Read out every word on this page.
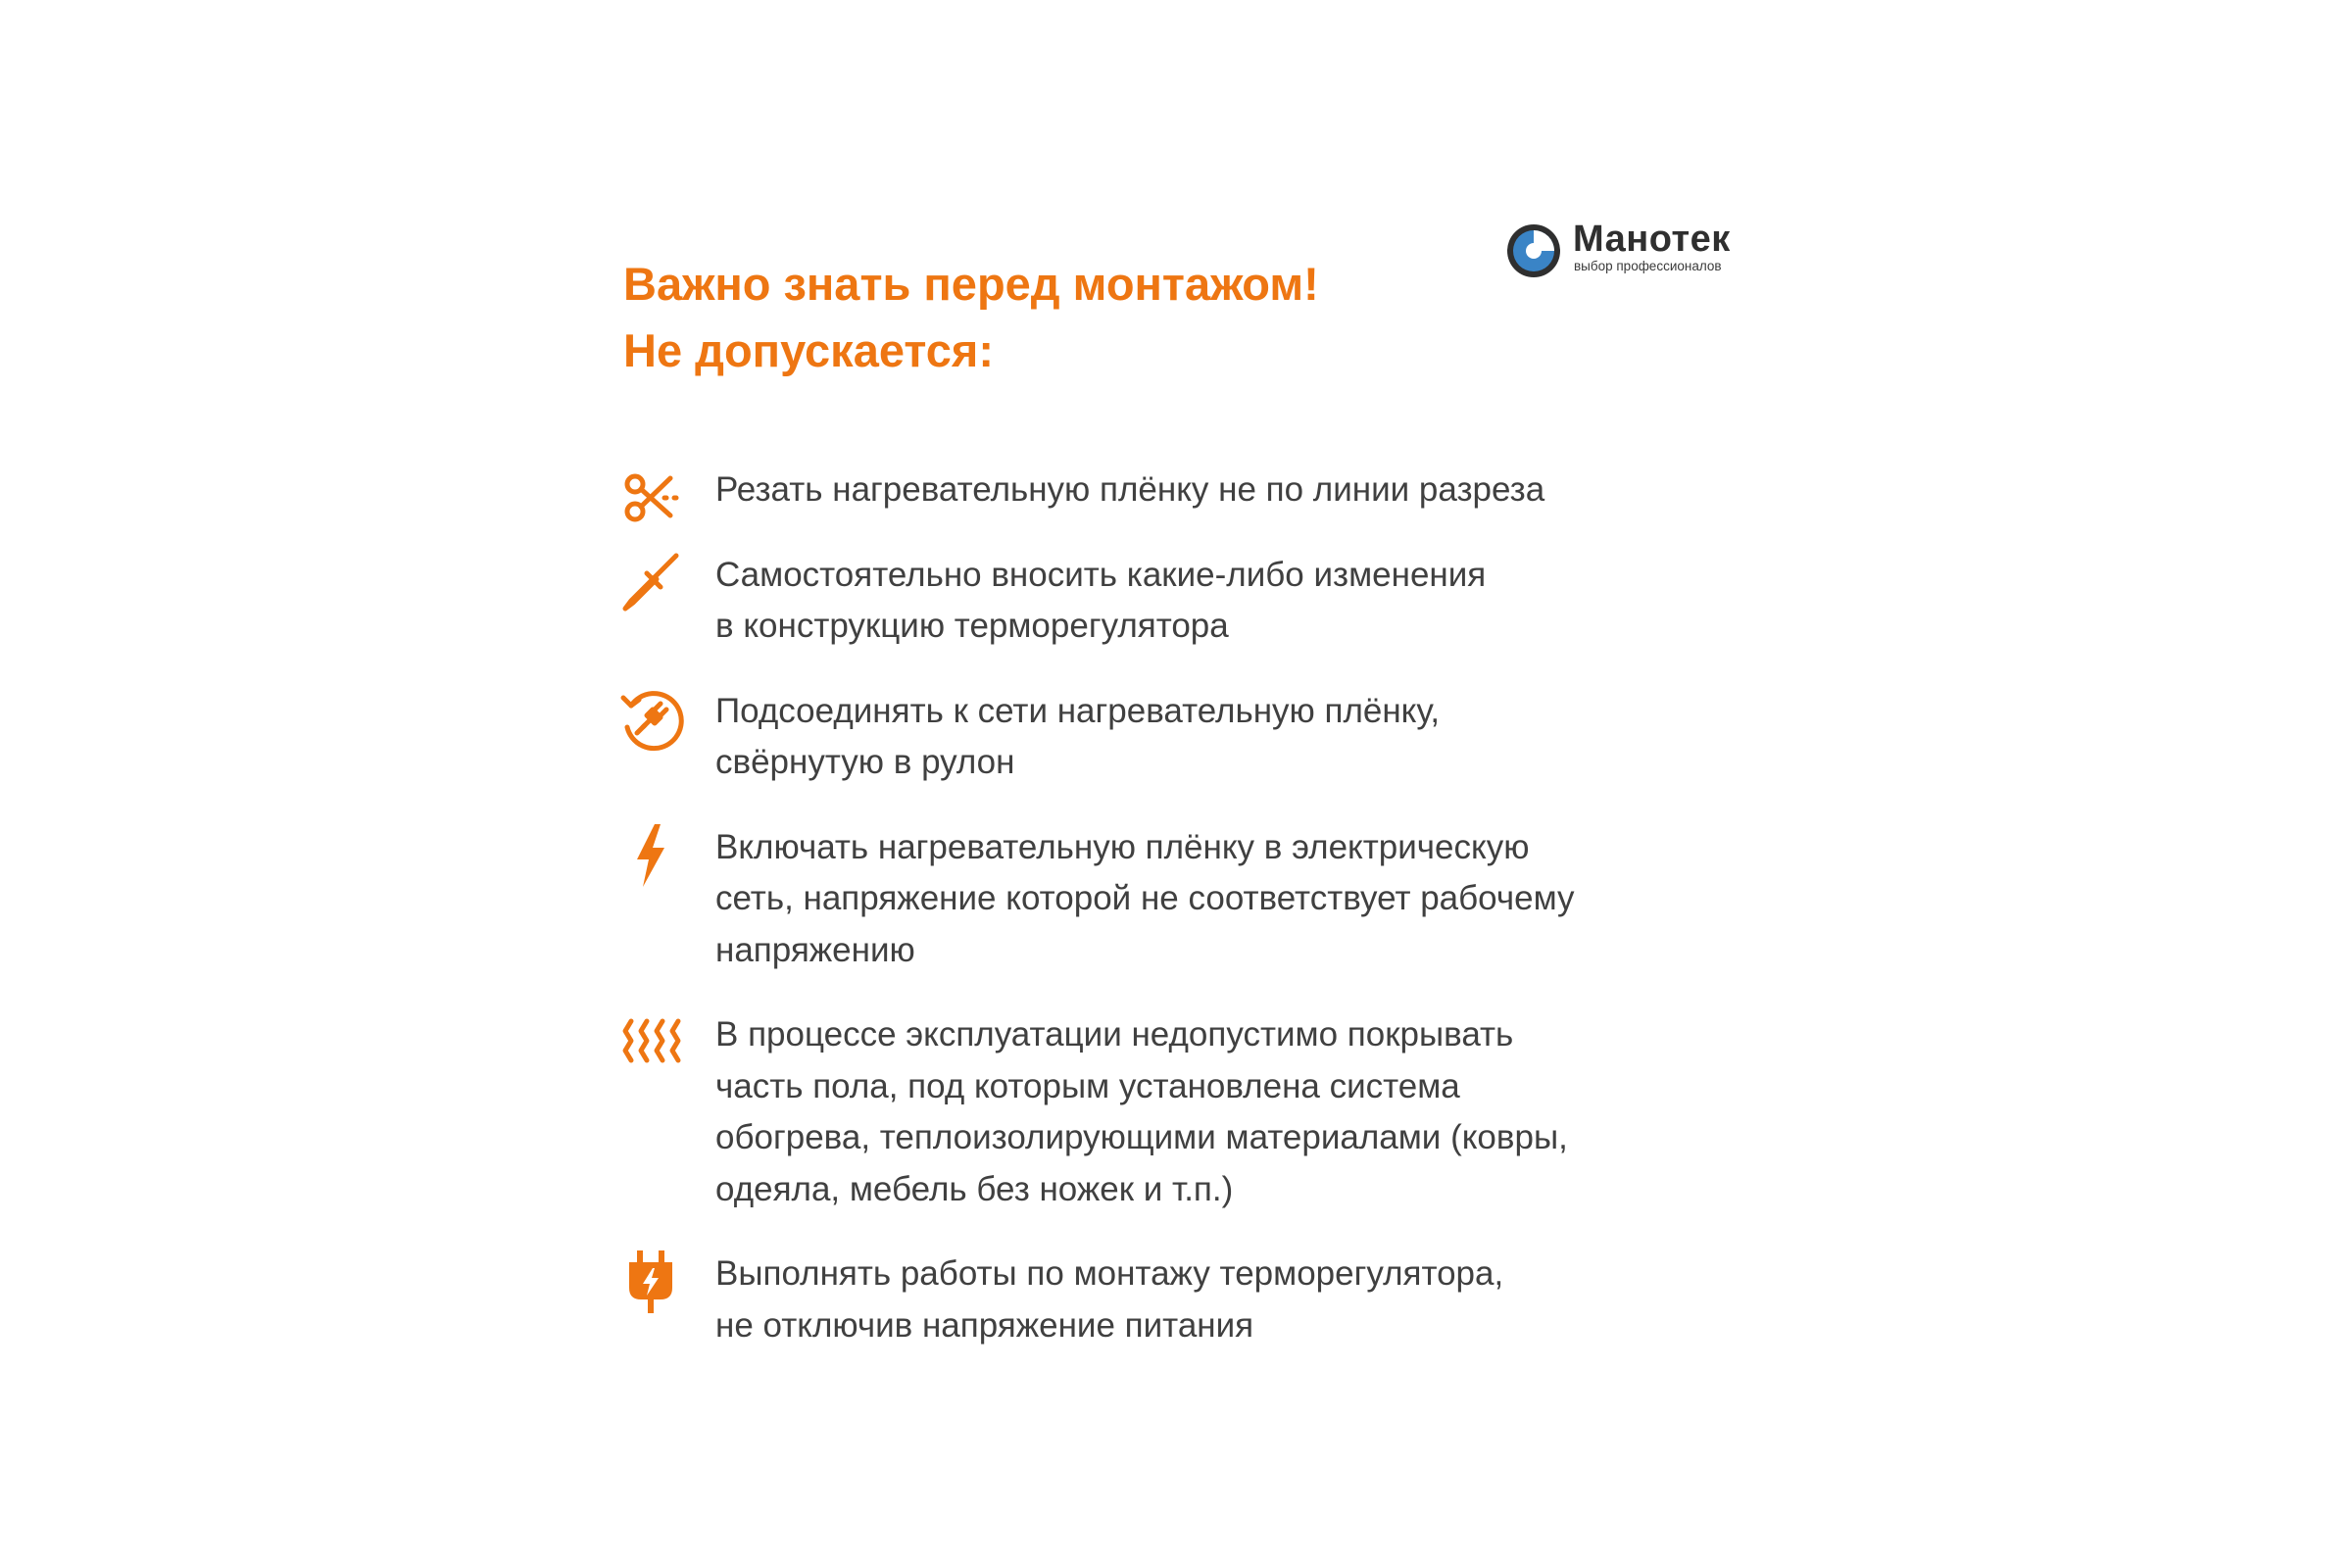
Манотек
выбор профессионалов
Важно знать перед монтажом!
Не допускается:
Резать нагревательную плёнку не по линии разреза
Самостоятельно вносить какие-либо изменения
в конструкцию терморегулятора
Подсоединять к сети нагревательную плёнку,
свёрнутую в рулон
Включать нагревательную плёнку в электрическую
сеть, напряжение которой не соответствует рабочему
напряжению
В процессе эксплуатации недопустимо покрывать
часть пола, под которым установлена система
обогрева, теплоизолирующими материалами (ковры,
одеяла, мебель без ножек и т.п.)
Выполнять работы по монтажу терморегулятора,
не отключив напряжение питания
